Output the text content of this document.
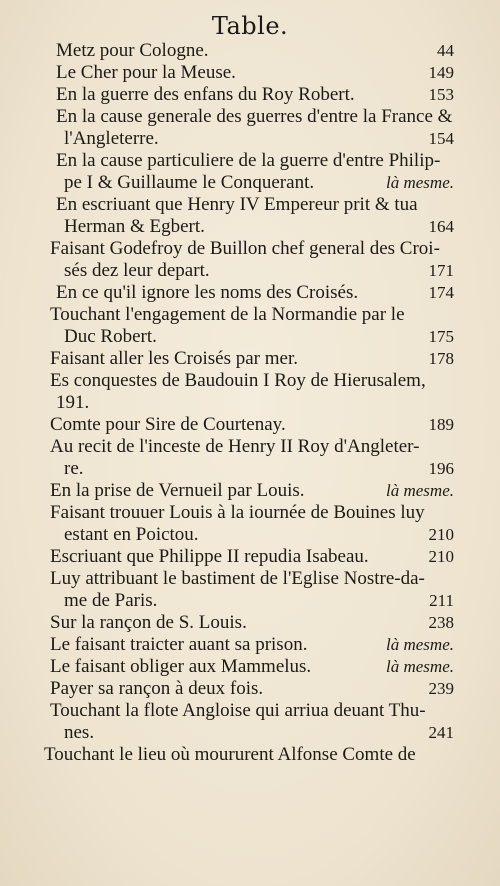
Table.
Metz pour Cologne.	44
Le Cher pour la Meuse.	149
En la guerre des enfans du Roy Robert.	153
En la cause generale des guerres d'entre la France &
l'Angleterre.	154
En la cause particuliere de la guerre d'entre Philip-
pe I & Guillaume le Conquerant.	là mesme.
En escriuant que Henry IV Empereur prit & tua
Herman & Egbert.	164
Faisant Godefroy de Buillon chef general des Croi-
sés dez leur depart.	171
En ce qu'il ignore les noms des Croisés.	174
Touchant l'engagement de la Normandie par le
Duc Robert.	175
Faisant aller les Croisés par mer.	178
Es conquestes de Baudouin I Roy de Hierusalem,
191.
Comte pour Sire de Courtenay.	189
Au recit de l'inceste de Henry II Roy d'Angleter-
re.	196
En la prise de Vernueil par Louis.	là mesme.
Faisant trouuer Louis à la iournée de Bouines luy
estant en Poictou.	210
Escriuant que Philippe II repudia Isabeau.	210
Luy attribuant le bastiment de l'Eglise Nostre-da-
me de Paris.	211
Sur la rançon de S. Louis.	238
Le faisant traicter auant sa prison.	là mesme.
Le faisant obliger aux Mammelus.	là mesme.
Payer sa rançon à deux fois.	239
Touchant la flote Angloise qui arriua deuant Thu-
nes.	241
Touchant le lieu où moururent Alfonse Comte de
